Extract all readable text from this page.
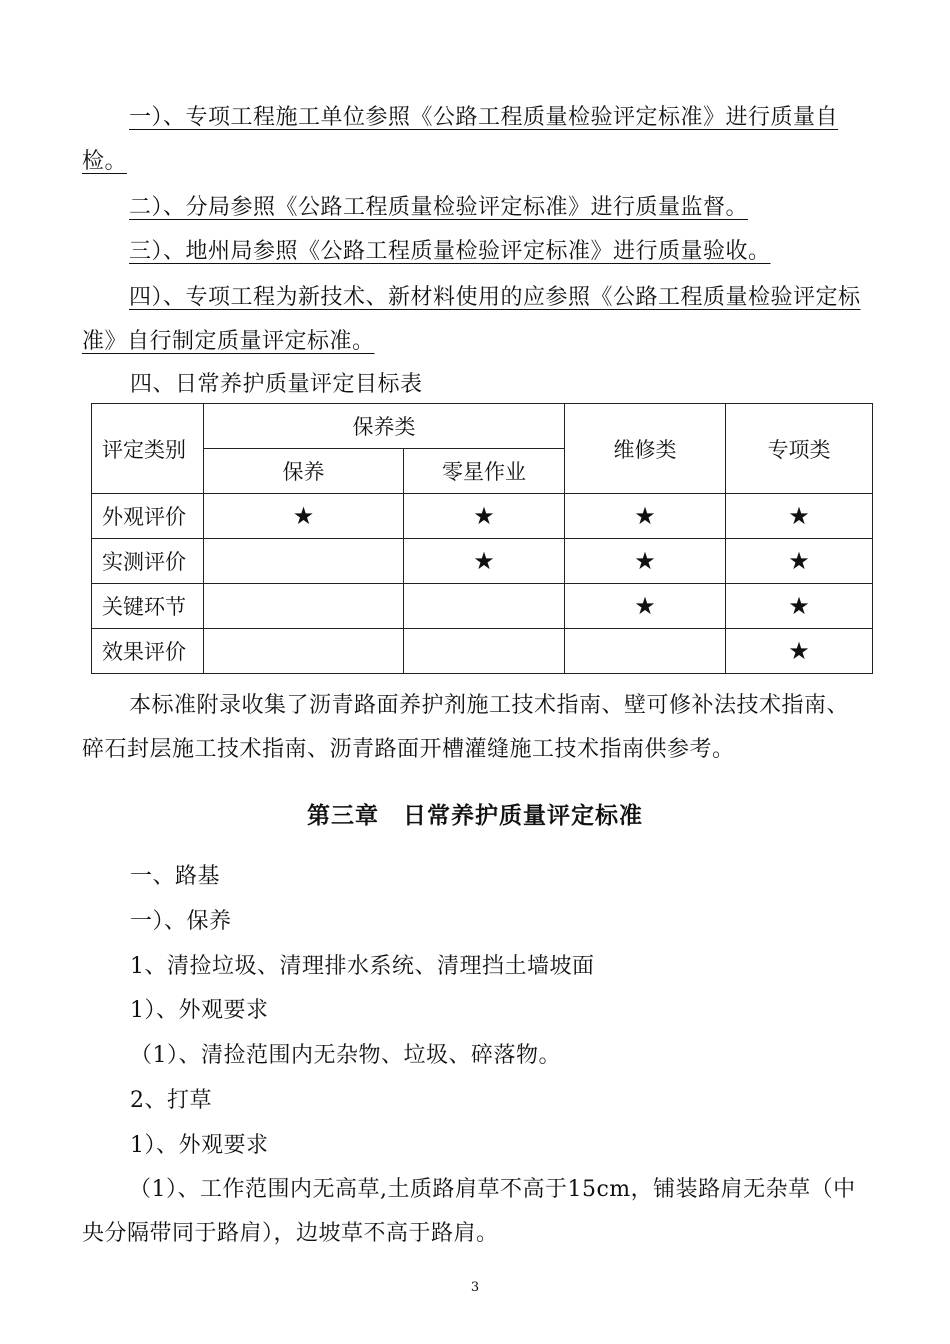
一）、专项工程施工单位参照《公路工程质量检验评定标准》进行质量自检。
二）、分局参照《公路工程质量检验评定标准》进行质量监督。
三）、地州局参照《公路工程质量检验评定标准》进行质量验收。
四）、专项工程为新技术、新材料使用的应参照《公路工程质量检验评定标准》自行制定质量评定标准。
四、日常养护质量评定目标表
评定类别	保养类		维修类	专项类
	保养	零星作业		
外观评价	★	★	★	★
实测评价		★	★	★
关键环节			★	★
效果评价				★
本标准附录收集了沥青路面养护剂施工技术指南、壁可修补法技术指南、碎石封层施工技术指南、沥青路面开槽灌缝施工技术指南供参考。
第三章　日常养护质量评定标准
一、路基
一）、保养
1、清捡垃圾、清理排水系统、清理挡土墙坡面
1）、外观要求
（1）、清捡范围内无杂物、垃圾、碎落物。
2、打草
1）、外观要求
（1）、工作范围内无高草,土质路肩草不高于15cm，铺装路肩无杂草（中央分隔带同于路肩），边坡草不高于路肩。
3
